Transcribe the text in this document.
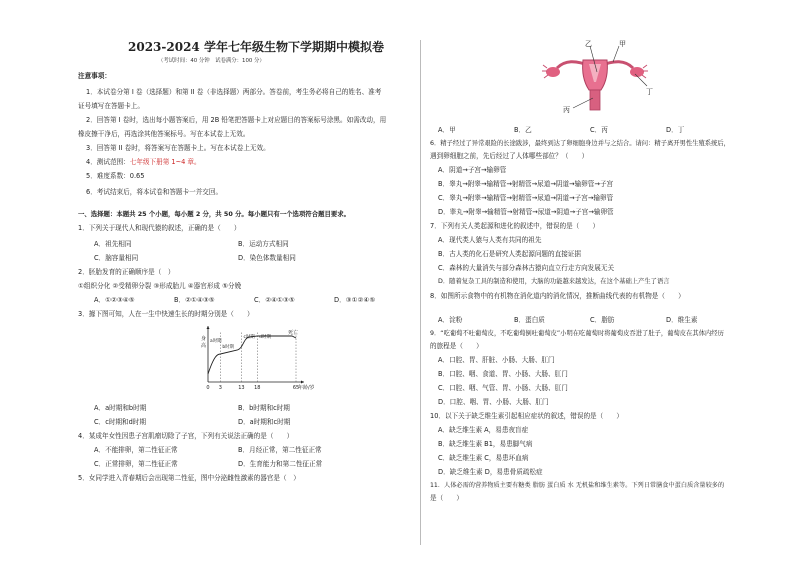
2023-2024 学年七年级生物下学期期中模拟卷
（考试时间：40 分钟　试卷满分：100 分）
注意事项：
1．本试卷分第 I 卷（选择题）和第 II 卷（非选择题）两部分。答卷前，考生务必将自己的姓名、准考
证号填写在答题卡上。
2．回答第 I 卷时，选出每小题答案后，用 2B 铅笔把答题卡上对应题目的答案标号涂黑。如需改动，用
橡皮擦干净后，再选涂其他答案标号。写在本试卷上无效。
3．回答第 II 卷时，将答案写在答题卡上。写在本试卷上无效。
4．测试范围：七年级下册第 1~4 章。
5．难度系数：0.65
6．考试结束后，将本试卷和答题卡一并交回。
一、选择题：本题共 25 个小题，每小题 2 分，共 50 分。每小题只有一个选项符合题目要求。
1．下列关于现代人和现代猿的叙述，正确的是（　　）
A．祖先相同	B．运动方式相同
C．脑容量相同	D．染色体数量相同
2．胚胎发育的正确顺序是（　）
①组织分化 ②受精卵分裂 ③形成胎儿 ④器官形成 ⑤分娩
A．①②③④⑤	B．②①④③⑤	C．②④①③⑤	D．③①②④⑤
3．據下图可知，人在一生中快速生长的时期分别是（　　）
0 3	13 18	65
年龄/岁
身
高
a时期
b时期
c时期 d时期
死亡
A．a时期和b时期	B．b时期和c时期
C．c时期和d时期	D．a时期和c时期
4．某成年女性因患子宫肌瘤切除了子宫，下列有关说法正确的是（　　）
A．不能排卵，第二性征正常	B．月经正常，第二性征正常
C．正常排卵，第二性征正常	D．生育能力和第二性征正常
5．女同学进入青春期后会出现第二性征，图中分泌雌性激素的器官是（　）
乙	甲
丁
丙
A．甲	B．乙	C．丙	D．丁
6．精子经过了异常艰险的长途跋涉，最终到达了卵细胞身边并与之结合。请问：精子离开男性生殖系统后，
遇到卵细胞之前，先后经过了人体哪些部位？（　　）
A．阴道→子宫→输卵管
B．睾丸→附睾→输精管→射精管→尿道→阴道→输卵管→子宫
C．睾丸→附睾→输精管→射精管→尿道→阴道→子宫→输卵管
D．睾丸→附睾→输精管→射精管→尿道→阴道→子宫→输卵管
7．下列有关人类起源和进化的叙述中，错误的是（　　）
A．现代类人猿与人类有共同的祖先
B．古人类的化石是研究人类起源问题的直接证据
C．森林的大量消失与部分森林古猿向直立行走方向发展无关
D．随着复杂工具的制造和使用，大脑的功能越来越发达，在这个基础上产生了语言
8．如图所示食物中的有机物在消化道内的消化情况，推断曲线代表的有机物是（　　）
A．淀粉	B．蛋白质	C．脂肪	D．维生素
9．“吃葡萄不吐葡萄皮，不吃葡萄倒吐葡萄皮”小明在吃葡萄时将葡萄皮吞进了肚子，葡萄皮在其体内经历
的旅程是（　　）
A．口腔、胃、肝脏、小肠、大肠、肛门
B．口腔、咽、食道、胃、小肠、大肠、肛门
C．口腔、咽、气管、胃、小肠、大肠、肛门
D．口腔、咽、胃、小肠、大肠、肛门
10．以下关于缺乏维生素引起相应症状的叙述，错误的是（　　）
A．缺乏维生素 A，易患夜盲症
B．缺乏维生素 B1，易患脚气病
C．缺乏维生素 C，易患坏血病
D．缺乏维生素 D，易患骨质疏松症
11．人体必需的营养物质主要有糖类 脂肪 蛋白质 水 无机盐和维生素等。下列日常膳食中蛋白质含量较多的
是（　　）
